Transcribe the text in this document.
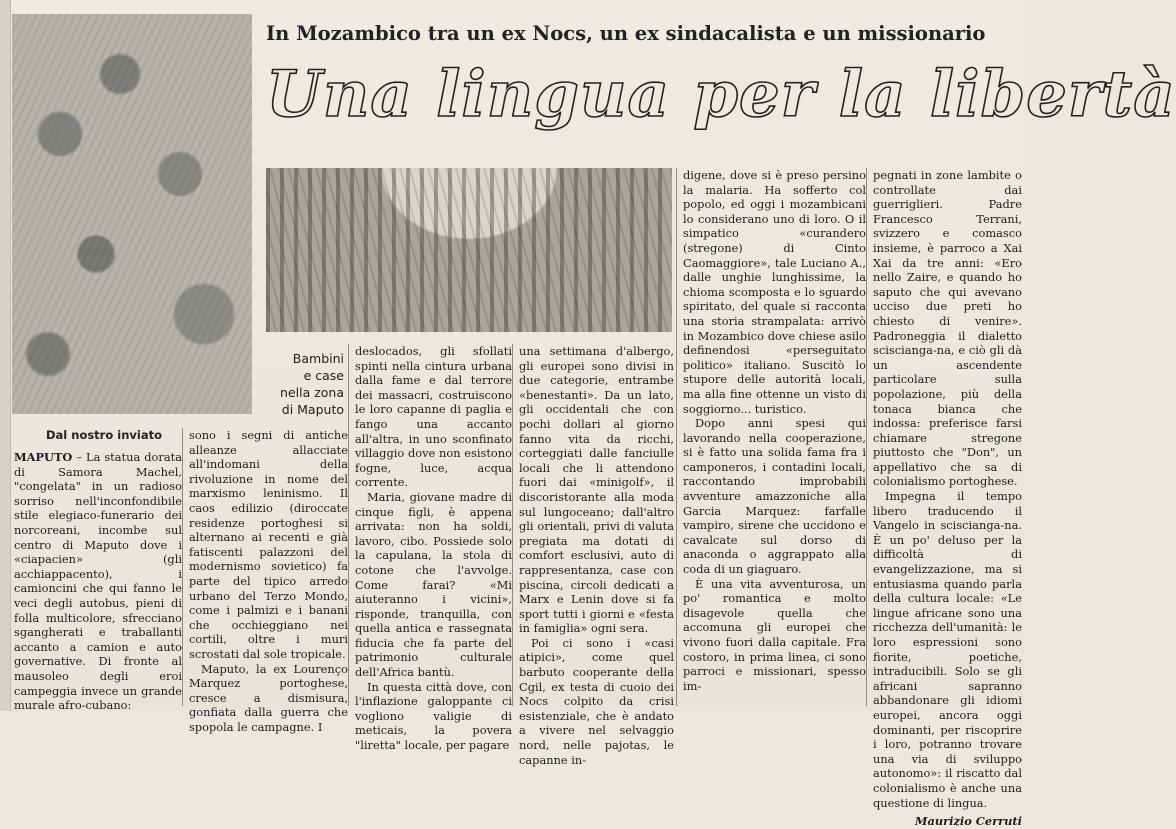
In Mozambico tra un ex Nocs, un ex sindacalista e un missionario
Una lingua per la libertà
Bambini
e case
nella zona
di Maputo
Dal nostro inviato

MAPUTO – La statua dorata di Samora Machel, "congelata" in un radioso sorriso nell'inconfondibile stile elegiaco-funerario dei norcoreani, incombe sul centro di Maputo dove i «ciapacien» (gli acchiappacento), i camioncini che qui fanno le veci degli autobus, pieni di folla multicolore, sfrecciano sgangherati e traballanti accanto a camion e auto governative. Di fronte al mausoleo degli eroi campeggia invece un grande murale afro-cubano:

sono i segni di antiche alleanze allacciate all'indomani della rivoluzione in nome del marxismo leninismo. Il caos edilizio (diroccate residenze portoghesi si alternano ai recenti e già fatiscenti palazzoni del modernismo sovietico) fa parte del tipico arredo urbano del Terzo Mondo, come i palmizi e i banani che occhieggiano nei cortili, oltre i muri scrostati dal sole tropicale.

Maputo, la ex Lourenço Marquez portoghese, cresce a dismisura, gonfiata dalla guerra che spopola le campagne. I

deslocados, gli sfollati spinti nella cintura urbana dalla fame e dal terrore dei massacri, costruiscono le loro capanne di paglia e fango una accanto all'altra, in uno sconfinato villaggio dove non esistono fogne, luce, acqua corrente.

Maria, giovane madre di cinque figli, è appena arrivata: non ha soldi, lavoro, cibo. Possiede solo la capulana, la stola di cotone che l'avvolge. Come farai? «Mi aiuteranno i vicini», risponde, tranquilla, con quella antica e rassegnata fiducia che fa parte del patrimonio culturale dell'Africa bantù.

In questa città dove, con l'inflazione galoppante ci vogliono valigie di meticais, la povera "liretta" locale, per pagare

una settimana d'albergo, gli europei sono divisi in due categorie, entrambe «benestanti». Da un lato, gli occidentali che con pochi dollari al giorno fanno vita da ricchi, corteggiati dalle fanciulle locali che li attendono fuori dai «minigolf», il discoristorante alla moda sul lungoceano; dall'altro gli orientali, privi di valuta pregiata ma dotati di comfort esclusivi, auto di rappresentanza, case con piscina, circoli dedicati a Marx e Lenin dove si fa sport tutti i giorni e «festa in famiglia» ogni sera.

Poi ci sono i «casi atipici», come quel barbuto cooperante della Cgil, ex testa di cuoio dei Nocs colpito da crisi esistenziale, che è andato a vivere nel selvaggio nord, nelle pajotas, le capanne in-

digene, dove si è preso persino la malaria. Ha sofferto col popolo, ed oggi i mozambicani lo considerano uno di loro. O il simpatico «curandero (stregone) di Cinto Caomaggiore», tale Luciano A., dalle unghie lunghissime, la chioma scomposta e lo sguardo spiritato, del quale si racconta una storia strampalata: arrivò in Mozambico dove chiese asilo definendosi «perseguitato politico» italiano. Suscitò lo stupore delle autorità locali, ma alla fine ottenne un visto di soggiorno... turistico.

Dopo anni spesi qui lavorando nella cooperazione, si è fatto una solida fama fra i camponeros, i contadini locali, raccontando improbabili avventure amazzoniche alla Garcia Marquez: farfalle vampiro, sirene che uccidono e cavalcate sul dorso di anaconda o aggrappato alla coda di un giaguaro.

È una vita avventurosa, un po' romantica e molto disagevole quella che accomuna gli europei che vivono fuori dalla capitale. Fra costoro, in prima linea, ci sono parroci e missionari, spesso im-

pegnati in zone lambite o controllate dai guerriglieri. Padre Francesco Terrani, svizzero e comasco insieme, è parroco a Xai Xai da tre anni: «Ero nello Zaire, e quando ho saputo che qui avevano ucciso due preti ho chiesto di venire». Padroneggia il dialetto sciscianga-na, e ciò gli dà un ascendente particolare sulla popolazione, più della tonaca bianca che indossa: preferisce farsi chiamare stregone piuttosto che "Don", un appellativo che sa di colonialismo portoghese.

Impegna il tempo libero traducendo il Vangelo in sciscianga-na. È un po' deluso per la difficoltà di evangelizzazione, ma si entusiasma quando parla della cultura locale: «Le lingue africane sono una ricchezza dell'umanità: le loro espressioni sono fiorite, poetiche, intraducibili. Solo se gli africani sapranno abbandonare gli idiomi europei, ancora oggi dominanti, per riscoprire i loro, potranno trovare una via di sviluppo autonomo»: il riscatto dal colonialismo è anche una questione di lingua.

Maurizio Cerruti
